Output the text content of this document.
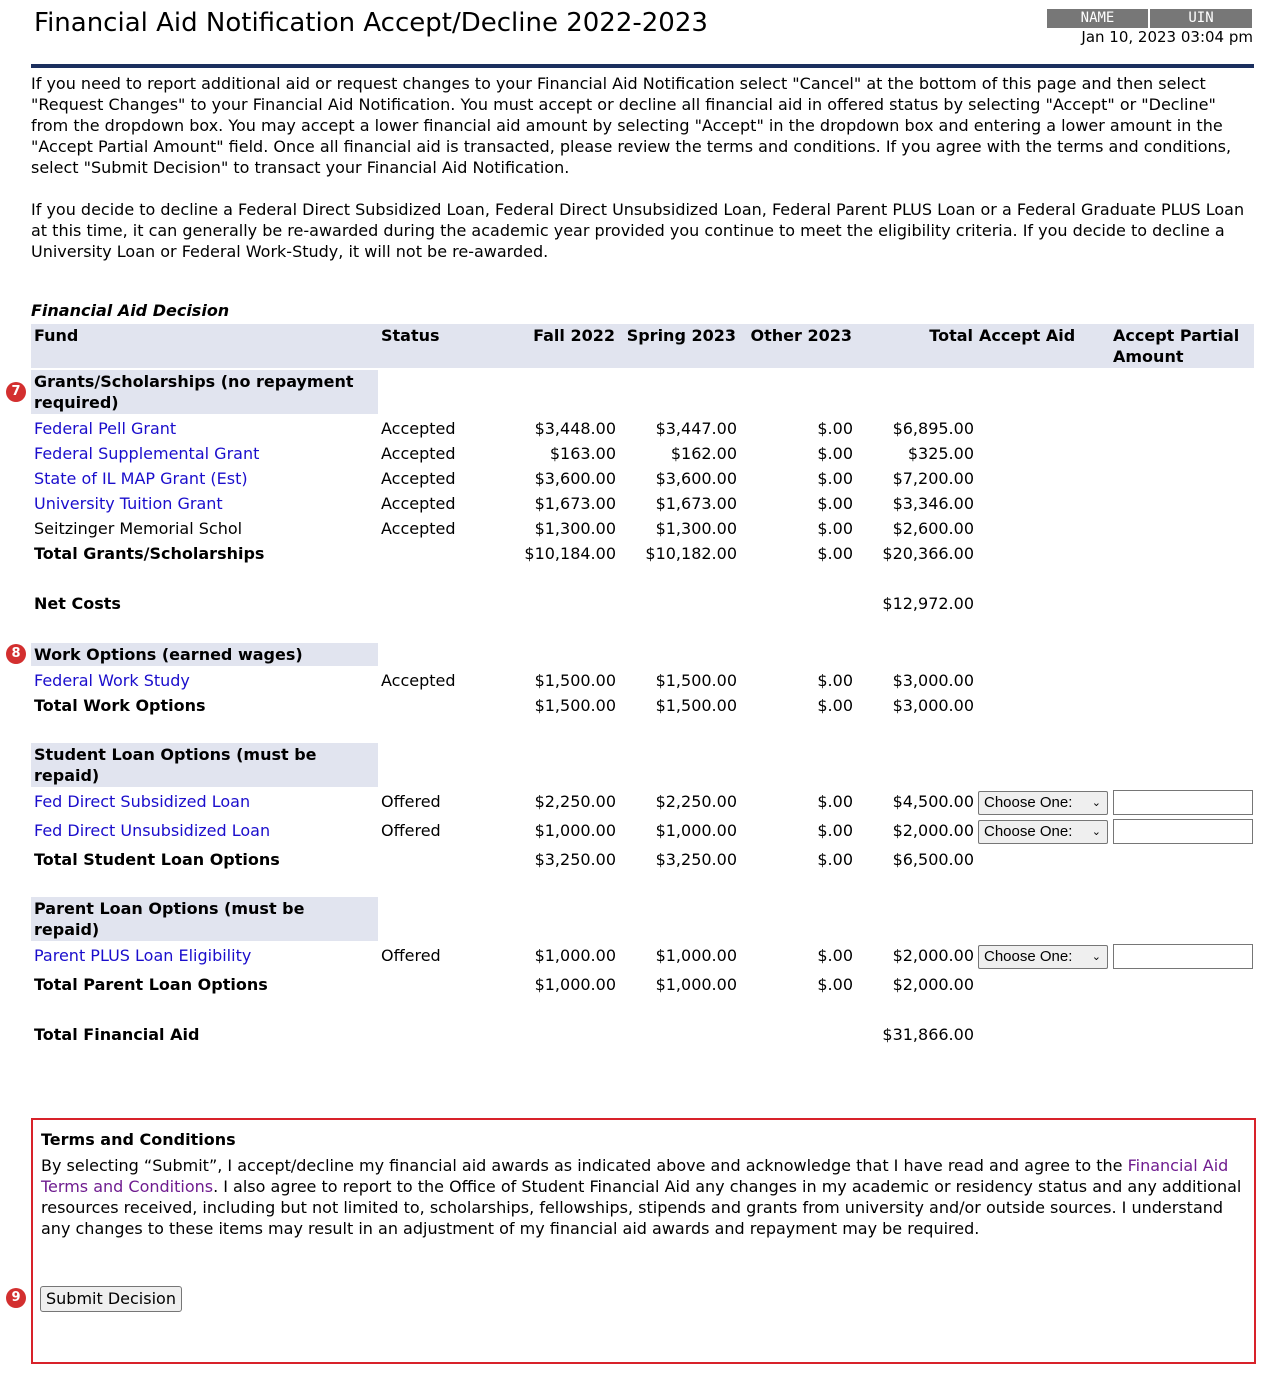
Financial Aid Notification Accept/Decline 2022-2023	NAME	UIN
Jan 10, 2023 03:04 pm

If you need to report additional aid or request changes to your Financial Aid Notification select "Cancel" at the bottom of this page and then select "Request Changes" to your Financial Aid Notification. You must accept or decline all financial aid in offered status by selecting "Accept" or "Decline" from the dropdown box. You may accept a lower financial aid amount by selecting "Accept" in the dropdown box and entering a lower amount in the "Accept Partial Amount" field. Once all financial aid is transacted, please review the terms and conditions. If you agree with the terms and conditions, select "Submit Decision" to transact your Financial Aid Notification.

If you decide to decline a Federal Direct Subsidized Loan, Federal Direct Unsubsidized Loan, Federal Parent PLUS Loan or a Federal Graduate PLUS Loan at this time, it can generally be re-awarded during the academic year provided you continue to meet the eligibility criteria. If you decide to decline a University Loan or Federal Work-Study, it will not be re-awarded.

Financial Aid Decision
Fund	Status	Fall 2022 Spring 2023 Other 2023	Total Accept Aid	Accept Partial Amount
7
Grants/Scholarships (no repayment required)
Federal Pell Grant	Accepted	$3,448.00	$3,447.00	$.00	$6,895.00
Federal Supplemental Grant	Accepted	$163.00	$162.00	$.00	$325.00
State of IL MAP Grant (Est)	Accepted	$3,600.00	$3,600.00	$.00	$7,200.00
University Tuition Grant	Accepted	$1,673.00	$1,673.00	$.00	$3,346.00
Seitzinger Memorial Schol	Accepted	$1,300.00	$1,300.00	$.00	$2,600.00
Total Grants/Scholarships	$10,184.00	$10,182.00	$.00	$20,366.00
Net Costs	$12,972.00
8 Work Options (earned wages)
Federal Work Study	Accepted	$1,500.00	$1,500.00	$.00	$3,000.00
Total Work Options	$1,500.00	$1,500.00	$.00	$3,000.00
Student Loan Options (must be repaid)
Fed Direct Subsidized Loan	Offered	$2,250.00	$2,250.00	$.00	$4,500.00 Choose One: ⌄
Fed Direct Unsubsidized Loan	Offered	$1,000.00	$1,000.00	$.00	$2,000.00 Choose One: ⌄
Total Student Loan Options	$3,250.00	$3,250.00	$.00	$6,500.00
Parent Loan Options (must be repaid)
Parent PLUS Loan Eligibility	Offered	$1,000.00	$1,000.00	$.00	$2,000.00 Choose One: ⌄
Total Parent Loan Options	$1,000.00	$1,000.00	$.00	$2,000.00
Total Financial Aid	$31,866.00
Terms and Conditions

By selecting “Submit”, I accept/decline my financial aid awards as indicated above and acknowledge that I have read and agree to the Financial Aid Terms and Conditions. I also agree to report to the Office of Student Financial Aid any changes in my academic or residency status and any additional resources received, including but not limited to, scholarships, fellowships, stipends and grants from university and/or outside sources. I understand any changes to these items may result in an adjustment of my financial aid awards and repayment may be required.

Submit Decision
9
